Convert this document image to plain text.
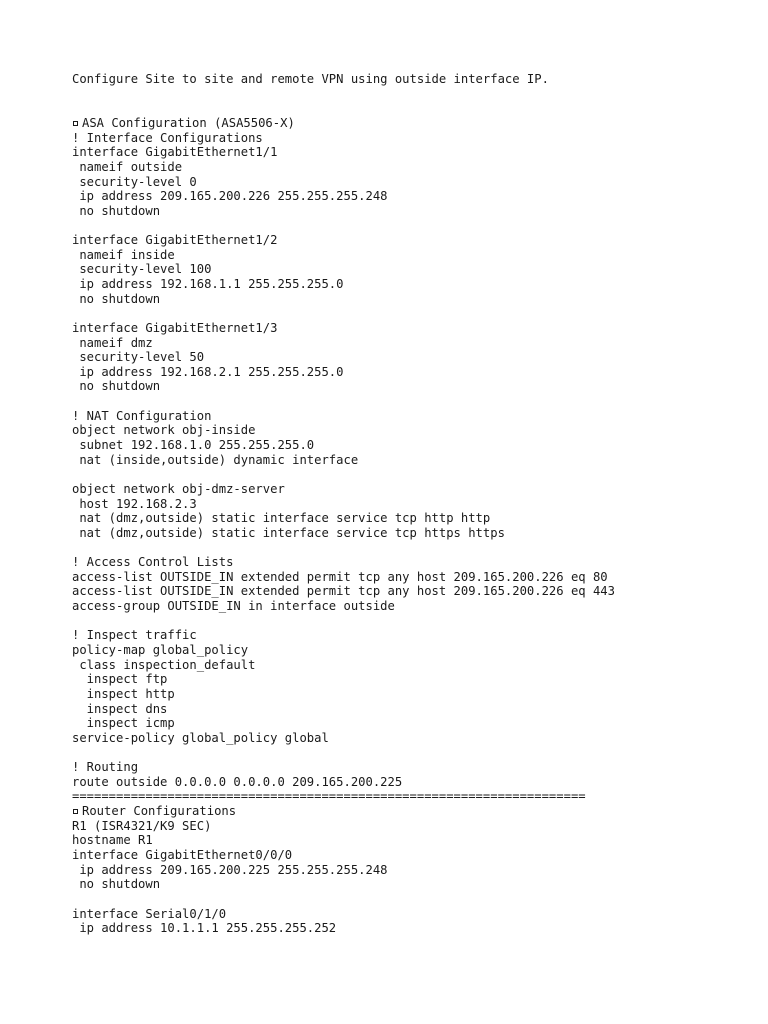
Configure Site to site and remote VPN using outside interface IP.
ASA Configuration (ASA5506-X)
! Interface Configurations
interface GigabitEthernet1/1
nameif outside
security-level 0
ip address 209.165.200.226 255.255.255.248
no shutdown
interface GigabitEthernet1/2
nameif inside
security-level 100
ip address 192.168.1.1 255.255.255.0
no shutdown
interface GigabitEthernet1/3
nameif dmz
security-level 50
ip address 192.168.2.1 255.255.255.0
no shutdown
! NAT Configuration
object network obj-inside
subnet 192.168.1.0 255.255.255.0
nat (inside,outside) dynamic interface
object network obj-dmz-server
host 192.168.2.3
nat (dmz,outside) static interface service tcp http http
nat (dmz,outside) static interface service tcp https https
! Access Control Lists
access-list OUTSIDE_IN extended permit tcp any host 209.165.200.226 eq 80
access-list OUTSIDE_IN extended permit tcp any host 209.165.200.226 eq 443
access-group OUTSIDE_IN in interface outside
! Inspect traffic
policy-map global_policy
class inspection_default
inspect ftp
inspect http
inspect dns
inspect icmp
service-policy global_policy global
! Routing
route outside 0.0.0.0 0.0.0.0 209.165.200.225
======================================================================
Router Configurations
R1 (ISR4321/K9 SEC)
hostname R1
interface GigabitEthernet0/0/0
ip address 209.165.200.225 255.255.255.248
no shutdown
interface Serial0/1/0
ip address 10.1.1.1 255.255.255.252
